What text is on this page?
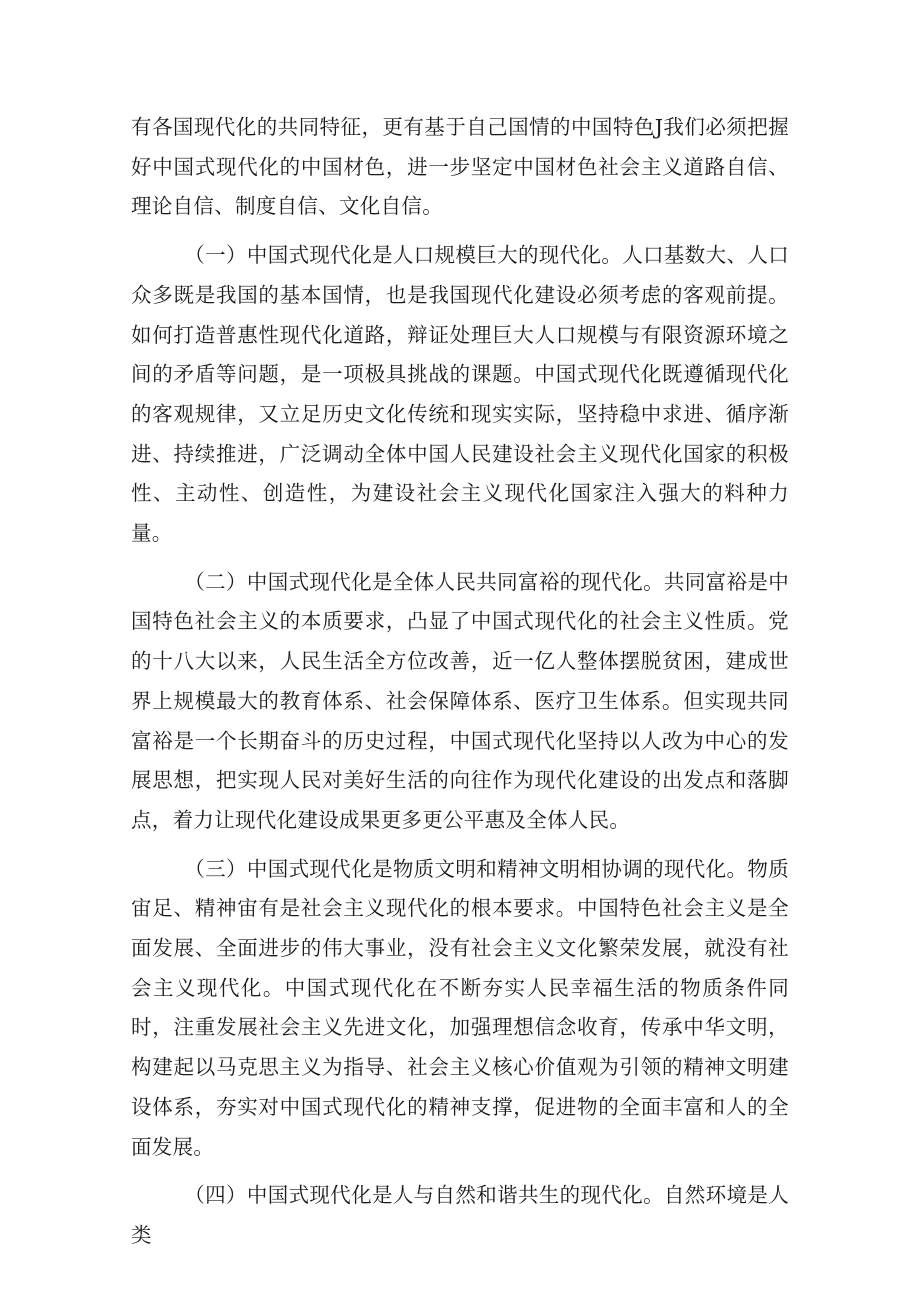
有各国现代化的共同特征，更有基于自己国情的中国特色J我们必须把握好中国式现代化的中国材色，进一步坚定中国材色社会主义道路自信、理论自信、制度自信、文化自信。

（一）中国式现代化是人口规模巨大的现代化。人口基数大、人口众多既是我国的基本国情，也是我国现代化建设必须考虑的客观前提。如何打造普惠性现代化道路，辩证处理巨大人口规模与有限资源环境之间的矛盾等问题，是一项极具挑战的课题。中国式现代化既遵循现代化的客观规律，又立足历史文化传统和现实实际，坚持稳中求进、循序渐进、持续推进，广泛调动全体中国人民建设社会主义现代化国家的积极性、主动性、创造性，为建设社会主义现代化国家注入强大的料种力量。

（二）中国式现代化是全体人民共同富裕的现代化。共同富裕是中国特色社会主义的本质要求，凸显了中国式现代化的社会主义性质。党的十八大以来，人民生活全方位改善，近一亿人整体摆脱贫困，建成世界上规模最大的教育体系、社会保障体系、医疗卫生体系。但实现共同富裕是一个长期奋斗的历史过程，中国式现代化坚持以人改为中心的发展思想，把实现人民对美好生活的向往作为现代化建设的出发点和落脚点，着力让现代化建设成果更多更公平惠及全体人民。

（三）中国式现代化是物质文明和精神文明相协调的现代化。物质宙足、精神宙有是社会主义现代化的根本要求。中国特色社会主义是全面发展、全面进步的伟大事业，没有社会主义文化繁荣发展，就没有社会主义现代化。中国式现代化在不断夯实人民幸福生活的物质条件同时，注重发展社会主义先进文化，加强理想信念收育，传承中华文明，构建起以马克思主义为指导、社会主义核心价值观为引领的精神文明建设体系，夯实对中国式现代化的精神支撑，促进物的全面丰富和人的全面发展。

（四）中国式现代化是人与自然和谐共生的现代化。自然环境是人类
